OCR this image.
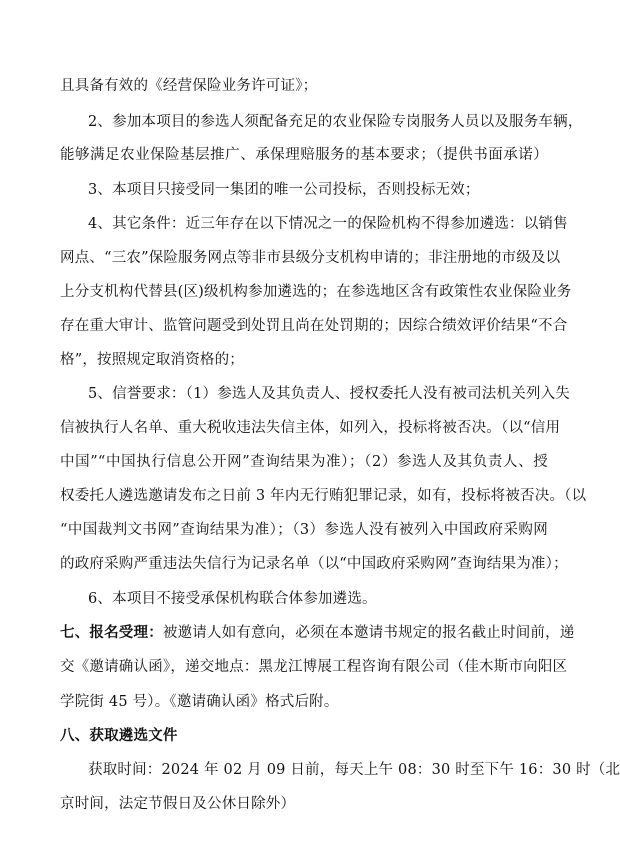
且具备有效的《经营保险业务许可证》；
2、参加本项目的参选人须配备充足的农业保险专岗服务人员以及服务车辆，
能够满足农业保险基层推广、承保理赔服务的基本要求；（提供书面承诺）
3、本项目只接受同一集团的唯一公司投标，否则投标无效；
4、其它条件：近三年存在以下情况之一的保险机构不得参加遴选：以销售
网点、“三农”保险服务网点等非市县级分支机构申请的；非注册地的市级及以
上分支机构代替县(区)级机构参加遴选的；在参选地区含有政策性农业保险业务
存在重大审计、监管问题受到处罚且尚在处罚期的；因综合绩效评价结果“不合
格”，按照规定取消资格的；
5、信誉要求：（1）参选人及其负责人、授权委托人没有被司法机关列入失
信被执行人名单、重大税收违法失信主体，如列入，投标将被否决。（以“信用
中国”“中国执行信息公开网”查询结果为准）；（2）参选人及其负责人、授
权委托人遴选邀请发布之日前 3 年内无行贿犯罪记录，如有，投标将被否决。（以
“中国裁判文书网”查询结果为准）；（3）参选人没有被列入中国政府采购网
的政府采购严重违法失信行为记录名单（以“中国政府采购网”查询结果为准）；
6、本项目不接受承保机构联合体参加遴选。
七、报名受理：被邀请人如有意向，必须在本邀请书规定的报名截止时间前，递
交《邀请确认函》，递交地点：黑龙江博展工程咨询有限公司（佳木斯市向阳区
学院街 45 号）。《邀请确认函》格式后附。
八、获取遴选文件
获取时间：2024 年 02 月 09 日前，每天上午 08：30 时至下午 16：30 时（北
京时间，法定节假日及公休日除外）
